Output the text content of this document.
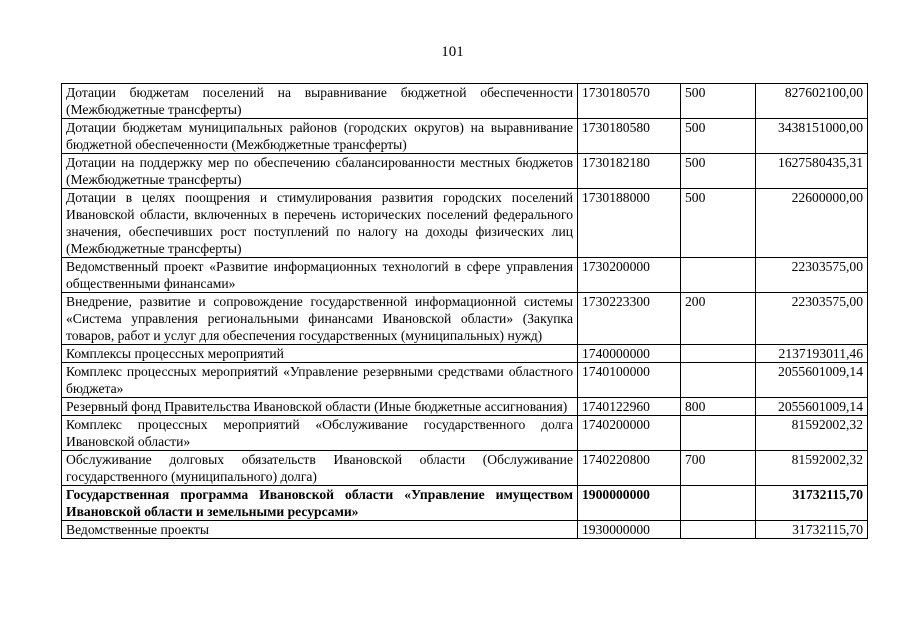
101
Дотации бюджетам поселений на выравнивание бюджетной обеспеченности (Межбюджетные трансферты)	1730180570	500	827602100,00
Дотации бюджетам муниципальных районов (городских округов) на выравнивание бюджетной обеспеченности (Межбюджетные трансферты)	1730180580	500	3438151000,00
Дотации на поддержку мер по обеспечению сбалансированности местных бюджетов (Межбюджетные трансферты)	1730182180	500	1627580435,31
Дотации в целях поощрения и стимулирования развития городских поселений Ивановской области, включенных в перечень исторических поселений федерального значения, обеспечивших рост поступлений по налогу на доходы физических лиц (Межбюджетные трансферты)	1730188000	500	22600000,00
Ведомственный проект «Развитие информационных технологий в сфере управления общественными финансами»	1730200000		22303575,00
Внедрение, развитие и сопровождение государственной информационной системы «Система управления региональными финансами Ивановской области» (Закупка товаров, работ и услуг для обеспечения государственных (муниципальных) нужд)	1730223300	200	22303575,00
Комплексы процессных мероприятий	1740000000		2137193011,46
Комплекс процессных мероприятий «Управление резервными средствами областного бюджета»	1740100000		2055601009,14
Резервный фонд Правительства Ивановской области (Иные бюджетные ассигнования)	1740122960	800	2055601009,14
Комплекс процессных мероприятий «Обслуживание государственного долга Ивановской области»	1740200000		81592002,32
Обслуживание долговых обязательств Ивановской области (Обслуживание государственного (муниципального) долга)	1740220800	700	81592002,32
Государственная программа Ивановской области «Управление имуществом Ивановской области и земельными ресурсами»	1900000000		31732115,70
Ведомственные проекты	1930000000		31732115,70
